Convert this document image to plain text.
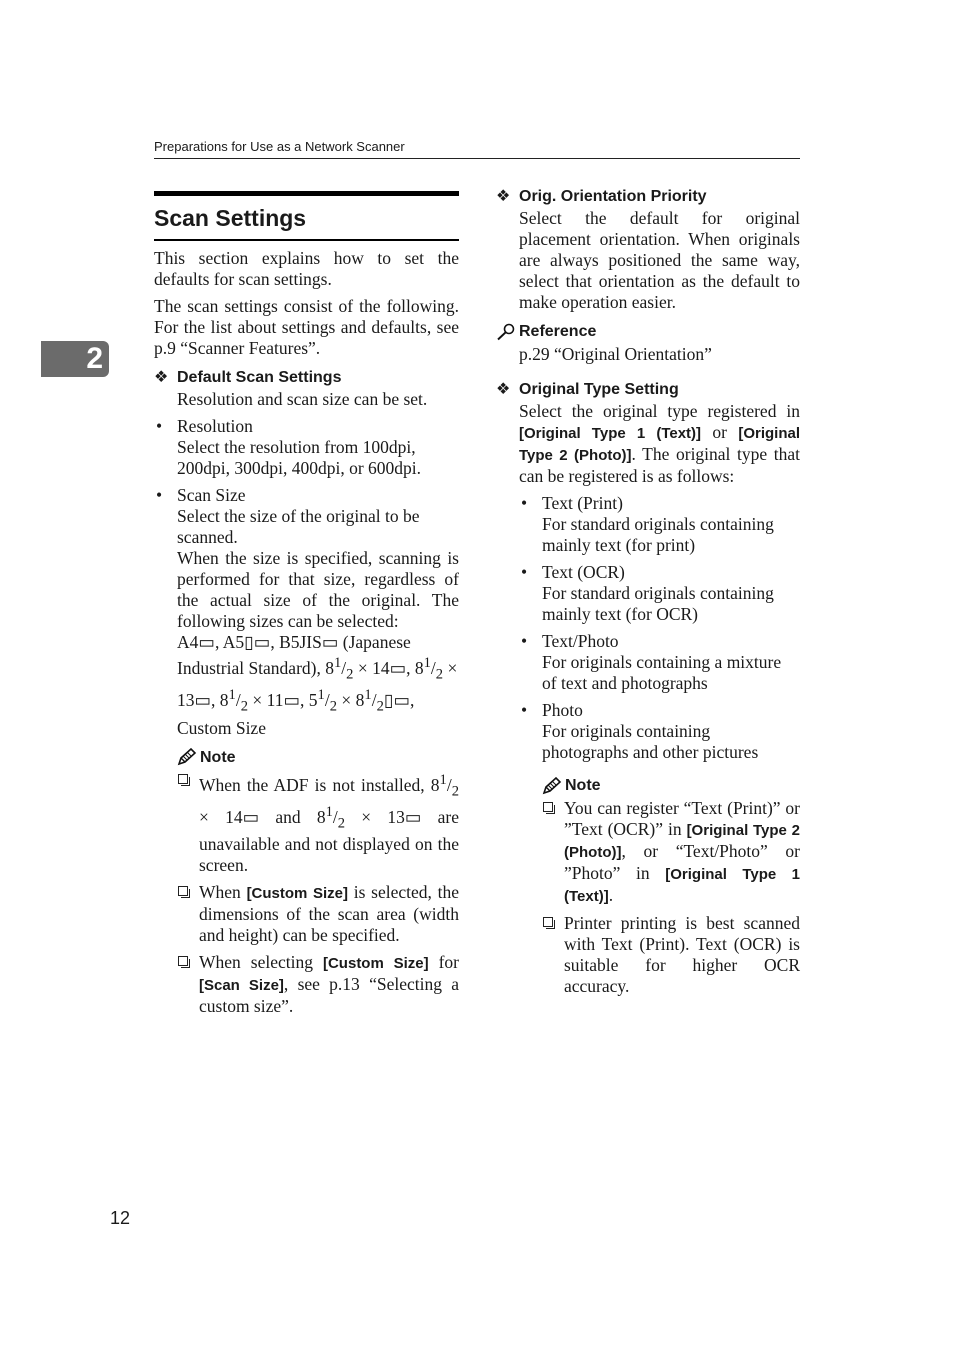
Preparations for Use as a Network Scanner
2
Scan Settings

This section explains how to set the defaults for scan settings.

The scan settings consist of the following. For the list about settings and defaults, see p.9 “Scanner Features”.

❖ Default Scan Settings

Resolution and scan size can be set.

• Resolution
Select the resolution from 100dpi, 200dpi, 300dpi, 400dpi, or 600dpi.
• Scan Size
Select the size of the original to be scanned.
When the size is specified, scanning is performed for that size, regardless of the actual size of the original. The following sizes can be selected:
A4▭, A5▯▭, B5JIS▭ (Japanese Industrial Standard), $8^1/_2$ × 14▭, $8^1/_2$ × 13▭, $8^1/_2$ × 11▭, $5^1/_2$ × $8^1/_2▯▭$, Custom Size
Note
When the ADF is not installed, $8^1/_2$ × 14▭ and $8^1/_2$ × 13▭ are unavailable and not displayed on the screen.
When [Custom Size] is selected, the dimensions of the scan area (width and height) can be specified.
When selecting [Custom Size] for [Scan Size], see p.13 “Selecting a custom size”.
❖ Orig. Orientation Priority

Select the default for original placement orientation. When originals are always positioned the same way, select that orientation as the default to make operation easier.

Reference

p.29 “Original Orientation”

❖ Original Type Setting

Select the original type registered in [Original Type 1 (Text)] or [Original Type 2 (Photo)]. The original type that can be registered is as follows:

• Text (Print)
For standard originals containing mainly text (for print)
• Text (OCR)
For standard originals containing mainly text (for OCR)
• Text/Photo
For originals containing a mixture of text and photographs
• Photo
For originals containing photographs and other pictures
Note
You can register “Text (Print)” or ”Text (OCR)” in [Original Type 2 (Photo)], or “Text/Photo” or ”Photo” in [Original Type 1 (Text)].
Printer printing is best scanned with Text (Print). Text (OCR) is suitable for higher OCR accuracy.
12
